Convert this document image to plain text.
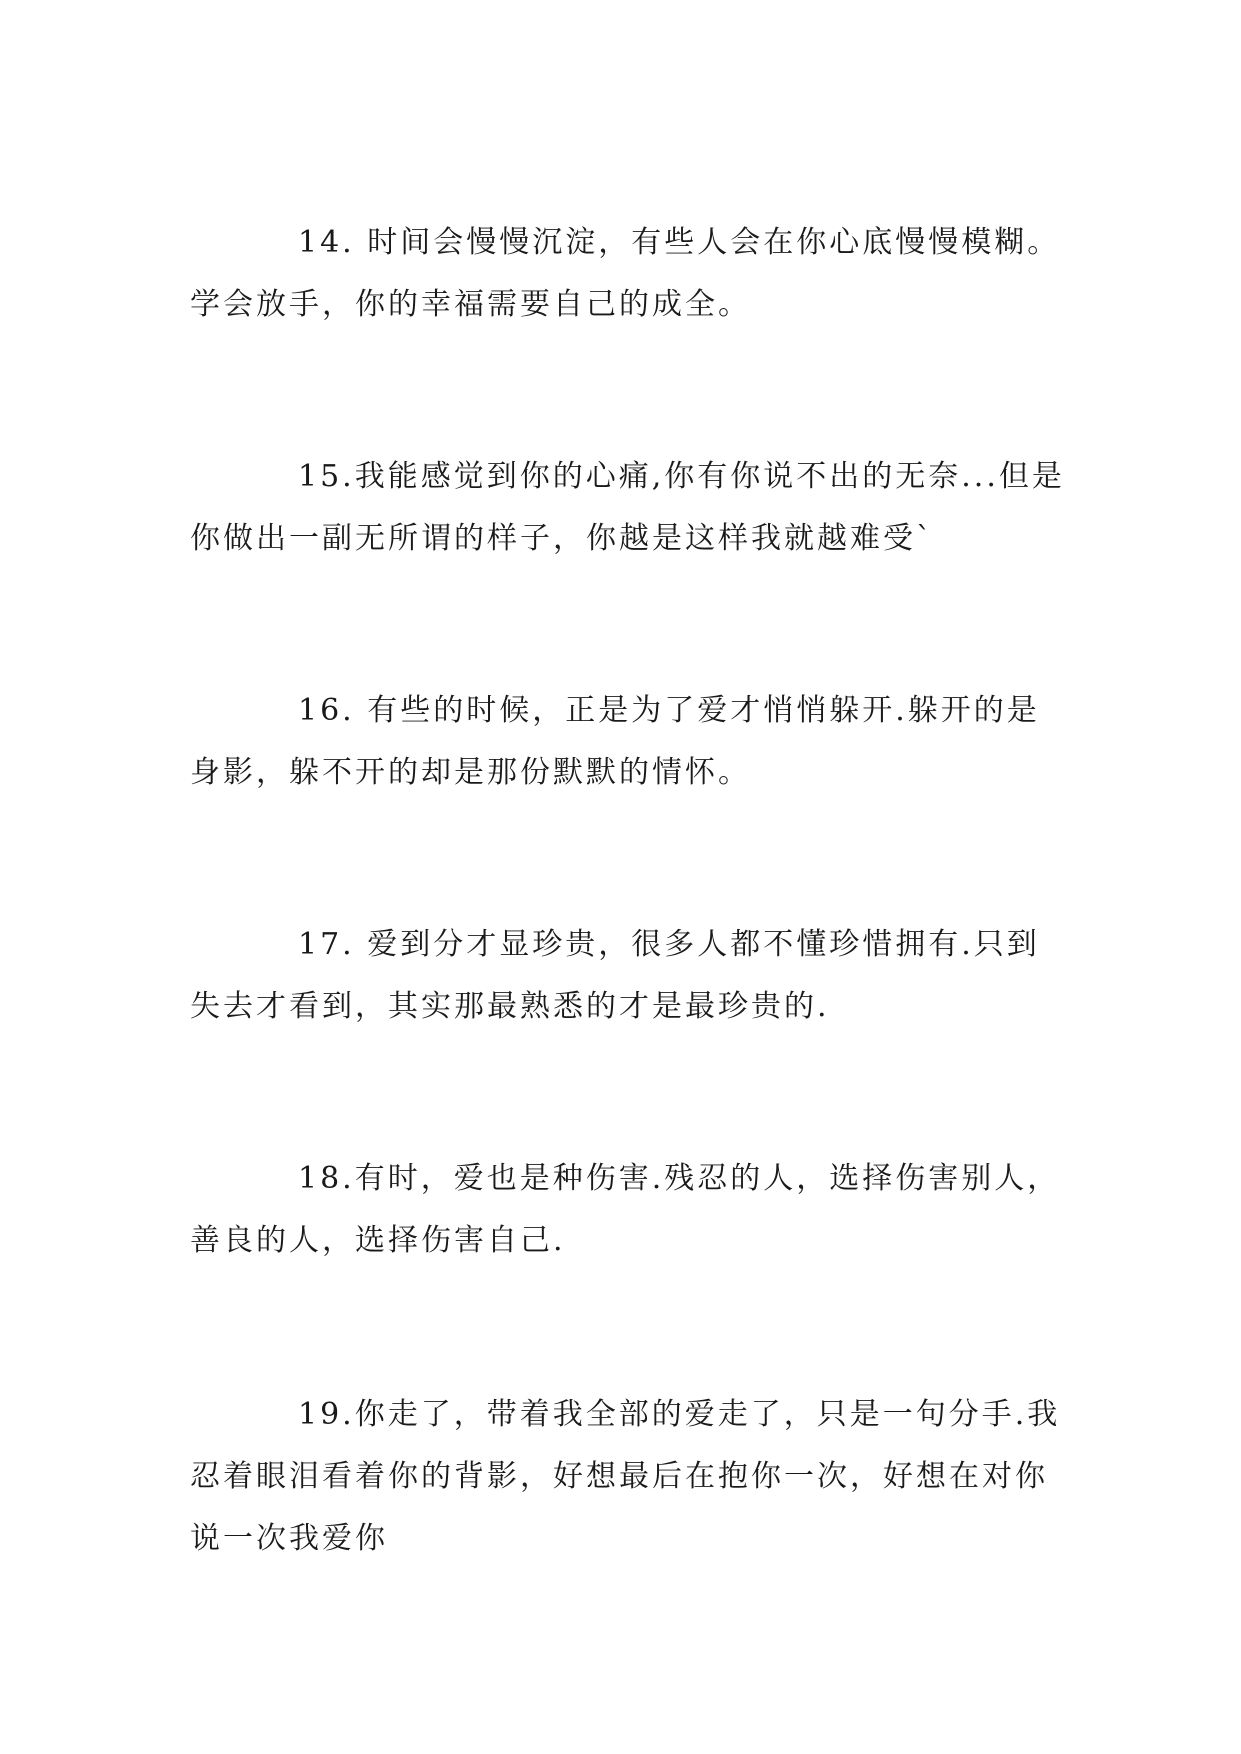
14. 时间会慢慢沉淀，有些人会在你心底慢慢模糊。学会放手，你的幸福需要自己的成全。

15.我能感觉到你的心痛,你有你说不出的无奈...但是你做出一副无所谓的样子，你越是这样我就越难受`

16. 有些的时候，正是为了爱才悄悄躲开.躲开的是身影，躲不开的却是那份默默的情怀。

17. 爱到分才显珍贵，很多人都不懂珍惜拥有.只到失去才看到，其实那最熟悉的才是最珍贵的.

18.有时，爱也是种伤害.残忍的人，选择伤害别人，善良的人，选择伤害自己.

19.你走了，带着我全部的爱走了，只是一句分手.我忍着眼泪看着你的背影，好想最后在抱你一次，好想在对你说一次我爱你
